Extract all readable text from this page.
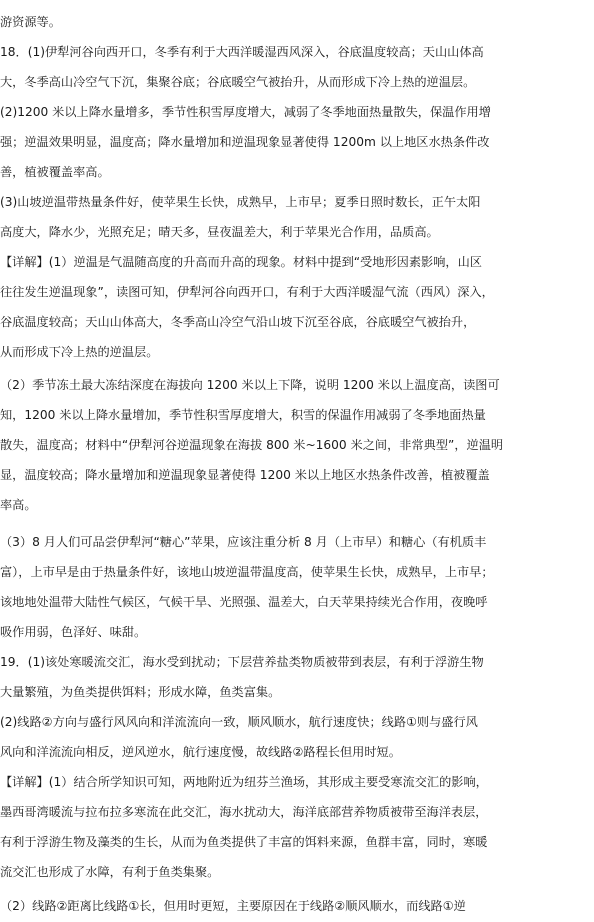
游资源等。
18．(1)伊犁河谷向西开口，冬季有利于大西洋暖湿西风深入，谷底温度较高；天山山体高
大，冬季高山冷空气下沉，集聚谷底；谷底暖空气被抬升，从而形成下冷上热的逆温层。
(2)1200 米以上降水量增多，季节性积雪厚度增大，减弱了冬季地面热量散失，保温作用增
强；逆温效果明显，温度高；降水量增加和逆温现象显著使得 1200m 以上地区水热条件改
善，植被覆盖率高。
(3)山坡逆温带热量条件好，使苹果生长快，成熟早，上市早；夏季日照时数长，正午太阳
高度大，降水少，光照充足；晴天多，昼夜温差大，利于苹果光合作用，品质高。
【详解】(1）逆温是气温随高度的升高而升高的现象。材料中提到“受地形因素影响，山区
往往发生逆温现象”，读图可知，伊犁河谷向西开口，有利于大西洋暖湿气流（西风）深入，
谷底温度较高；天山山体高大，冬季高山冷空气沿山坡下沉至谷底，谷底暖空气被抬升，
从而形成下冷上热的逆温层。
（2）季节冻土最大冻结深度在海拔向 1200 米以上下降，说明 1200 米以上温度高，读图可
知，1200 米以上降水量增加，季节性积雪厚度增大，积雪的保温作用减弱了冬季地面热量
散失，温度高；材料中“伊犁河谷逆温现象在海拔 800 米~1600 米之间，非常典型”，逆温明
显，温度较高；降水量增加和逆温现象显著使得 1200 米以上地区水热条件改善，植被覆盖
率高。
（3）8 月人们可品尝伊犁河“糖心”苹果，应该注重分析 8 月（上市早）和糖心（有机质丰
富），上市早是由于热量条件好，该地山坡逆温带温度高，使苹果生长快，成熟早，上市早；
该地地处温带大陆性气候区，气候干旱、光照强、温差大，白天苹果持续光合作用，夜晚呼
吸作用弱，色泽好、味甜。
19．(1)该处寒暖流交汇，海水受到扰动；下层营养盐类物质被带到表层，有利于浮游生物
大量繁殖，为鱼类提供饵料；形成水障，鱼类富集。
(2)线路②方向与盛行风风向和洋流流向一致，顺风顺水，航行速度快；线路①则与盛行风
风向和洋流流向相反，逆风逆水，航行速度慢，故线路②路程长但用时短。
【详解】(1）结合所学知识可知，两地附近为纽芬兰渔场，其形成主要受寒流交汇的影响，
墨西哥湾暖流与拉布拉多寒流在此交汇，海水扰动大，海洋底部营养物质被带至海洋表层，
有利于浮游生物及藻类的生长，从而为鱼类提供了丰富的饵料来源，鱼群丰富，同时，寒暖
流交汇也形成了水障，有利于鱼类集聚。
（2）线路②距离比线路①长，但用时更短，主要原因在于线路②顺风顺水，而线路①逆
